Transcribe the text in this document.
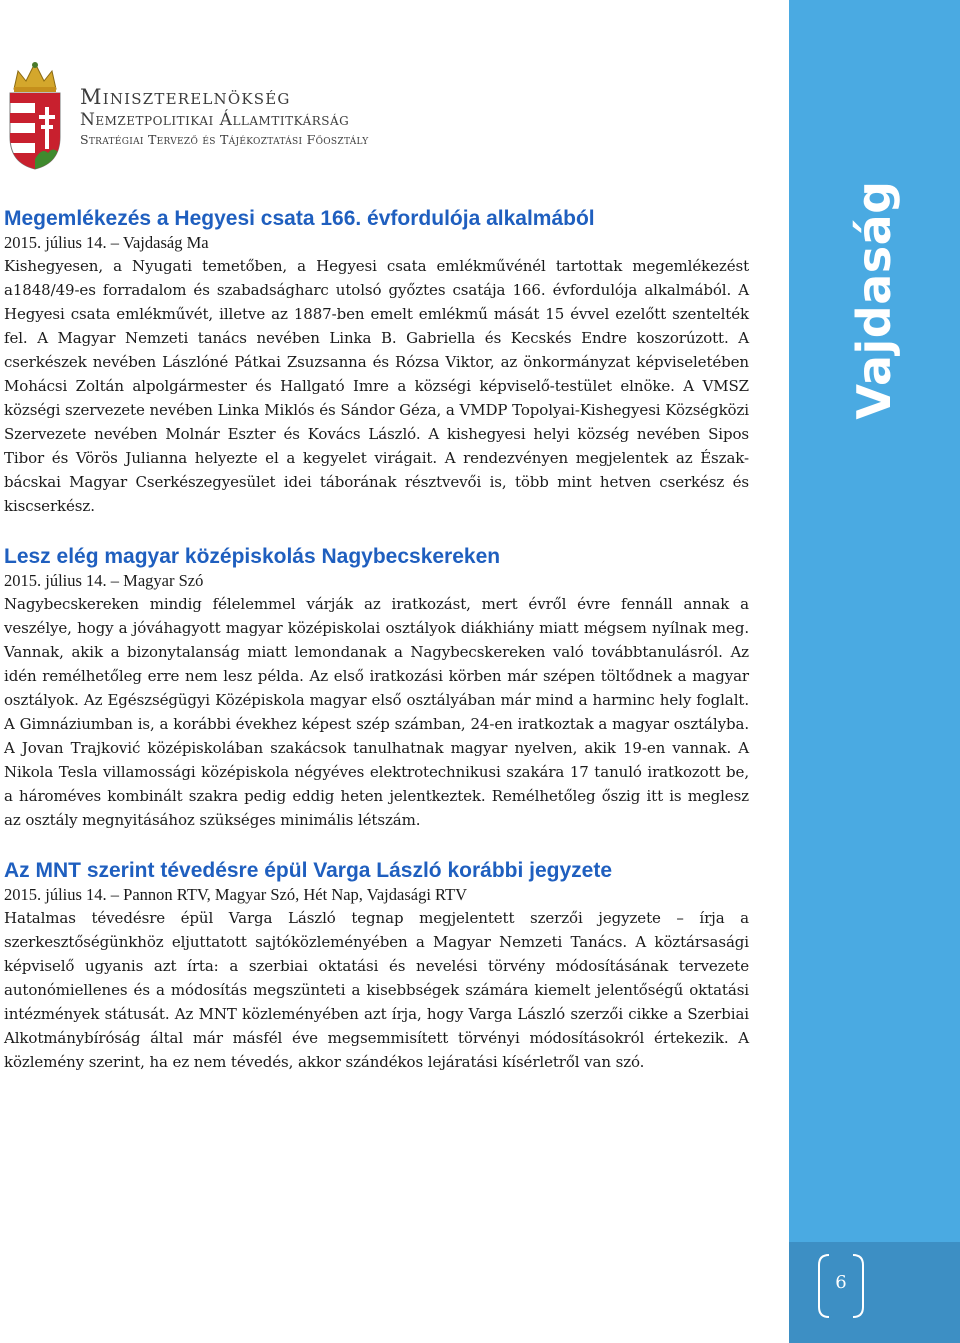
Miniszterelnökség
Nemzetpolitikai Államtitkárság
Stratégiai Tervező és Tájékoztatási Főosztály
Vajdaság
6
Megemlékezés a Hegyesi csata 166. évfordulója alkalmából

2015. július 14. – Vajdaság Ma

Kishegyesen, a Nyugati temetőben, a Hegyesi csata emlékművénél tartottak megemlékezést a1848/49-es forradalom és szabadságharc utolsó győztes csatája 166. évfordulója alkalmából. A Hegyesi csata emlékművét, illetve az 1887-ben emelt emlékmű mását 15 évvel ezelőtt szentelték fel. A Magyar Nemzeti tanács nevében Linka B. Gabriella és Kecskés Endre koszorúzott. A cserkészek nevében Lászlóné Pátkai Zsuzsanna és Rózsa Viktor, az önkormányzat képviseletében Mohácsi Zoltán alpolgármester és Hallgató Imre a községi képviselő-testület elnöke. A VMSZ községi szervezete nevében Linka Miklós és Sándor Géza, a VMDP Topolyai-Kishegyesi Községközi Szervezete nevében Molnár Eszter és Kovács László. A kishegyesi helyi község nevében Sipos Tibor és Vörös Julianna helyezte el a kegyelet virágait. A rendezvényen megjelentek az Észak-bácskai Magyar Cserkészegyesület idei táborának résztvevői is, több mint hetven cserkész és kiscserkész.

Lesz elég magyar középiskolás Nagybecskereken

2015. július 14. – Magyar Szó

Nagybecskereken mindig félelemmel várják az iratkozást, mert évről évre fennáll annak a veszélye, hogy a jóváhagyott magyar középiskolai osztályok diákhiány miatt mégsem nyílnak meg. Vannak, akik a bizonytalanság miatt lemondanak a Nagybecskereken való továbbtanulásról. Az idén remélhetőleg erre nem lesz példa. Az első iratkozási körben már szépen töltődnek a magyar osztályok. Az Egészségügyi Középiskola magyar első osztályában már mind a harminc hely foglalt. A Gimnáziumban is, a korábbi évekhez képest szép számban, 24-en iratkoztak a magyar osztályba. A Jovan Trajković középiskolában szakácsok tanulhatnak magyar nyelven, akik 19-en vannak. A Nikola Tesla villamossági középiskola négyéves elektrotechnikusi szakára 17 tanuló iratkozott be, a hároméves kombinált szakra pedig eddig heten jelentkeztek. Remélhetőleg őszig itt is meglesz az osztály megnyitásához szükséges minimális létszám.

Az MNT szerint tévedésre épül Varga László korábbi jegyzete

2015. július 14. – Pannon RTV, Magyar Szó, Hét Nap, Vajdasági RTV

Hatalmas tévedésre épül Varga László tegnap megjelentett szerzői jegyzete – írja a szerkesztőségünkhöz eljuttatott sajtóközleményében a Magyar Nemzeti Tanács. A köztársasági képviselő ugyanis azt írta: a szerbiai oktatási és nevelési törvény módosításának tervezete autonómiellenes és a módosítás megszünteti a kisebbségek számára kiemelt jelentőségű oktatási intézmények státusát. Az MNT közleményében azt írja, hogy Varga László szerzői cikke a Szerbiai Alkotmánybíróság által már másfél éve megsemmisített törvényi módosításokról értekezik. A közlemény szerint, ha ez nem tévedés, akkor szándékos lejáratási kísérletről van szó.
